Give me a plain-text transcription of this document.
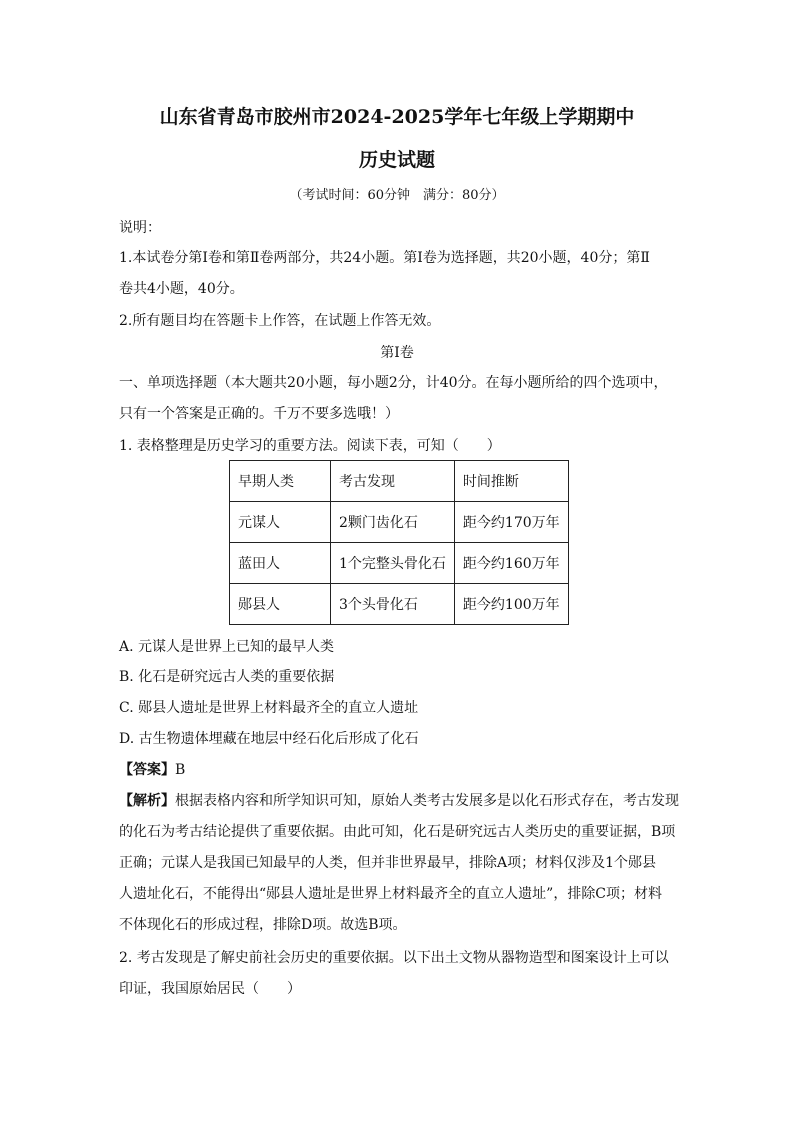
山东省青岛市胶州市2024-2025学年七年级上学期期中
历史试题
（考试时间：60分钟　满分：80分）
说明：
1.本试卷分第Ⅰ卷和第Ⅱ卷两部分，共24小题。第Ⅰ卷为选择题，共20小题，40分；第Ⅱ
卷共4小题，40分。
2.所有题目均在答题卡上作答，在试题上作答无效。
第Ⅰ卷
一、单项选择题（本大题共20小题，每小题2分，计40分。在每小题所给的四个选项中，
只有一个答案是正确的。千万不要多选哦！）
1. 表格整理是历史学习的重要方法。阅读下表，可知（　　）
早期人类	考古发现	时间推断
元谋人	2颗门齿化石	距今约170万年
蓝田人	1个完整头骨化石	距今约160万年
郧县人	3个头骨化石	距今约100万年
A. 元谋人是世界上已知的最早人类
B. 化石是研究远古人类的重要依据
C. 郧县人遗址是世界上材料最齐全的直立人遗址
D. 古生物遗体埋藏在地层中经石化后形成了化石
【答案】B
【解析】根据表格内容和所学知识可知，原始人类考古发展多是以化石形式存在，考古发现
的化石为考古结论提供了重要依据。由此可知，化石是研究远古人类历史的重要证据，B项
正确；元谋人是我国已知最早的人类，但并非世界最早，排除A项；材料仅涉及1个郧县
人遗址化石，不能得出“郧县人遗址是世界上材料最齐全的直立人遗址”，排除C项；材料
不体现化石的形成过程，排除D项。故选B项。
2. 考古发现是了解史前社会历史的重要依据。以下出土文物从器物造型和图案设计上可以
印证，我国原始居民（　　）
